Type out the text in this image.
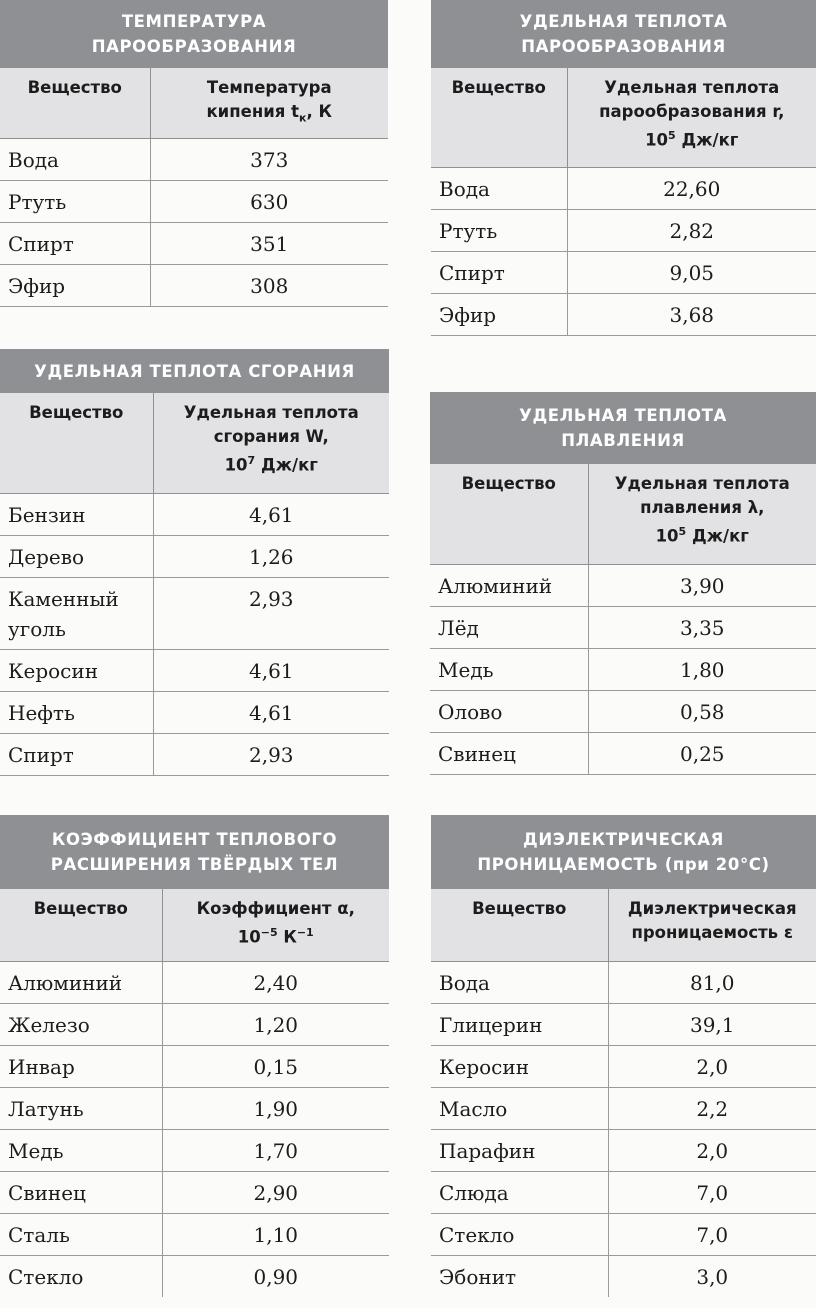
ТЕМПЕРАТУРА
ПАРООБРАЗОВАНИЯ
Вещество	Температура
кипения $t_к$, К
Вода	373
Ртуть	630
Спирт	351
Эфир	308
УДЕЛЬНАЯ ТЕПЛОТА
ПАРООБРАЗОВАНИЯ
Вещество	Удельная теплота
парообразования r,
$10^5$ Дж/кг
Вода	22,60
Ртуть	2,82
Спирт	9,05
Эфир	3,68
УДЕЛЬНАЯ ТЕПЛОТА СГОРАНИЯ
Вещество	Удельная теплота
сгорания W,
$10^7$ Дж/кг
Бензин	4,61
Дерево	1,26
Каменный уголь	2,93
Керосин	4,61
Нефть	4,61
Спирт	2,93
УДЕЛЬНАЯ ТЕПЛОТА
ПЛАВЛЕНИЯ
Вещество	Удельная теплота
плавления λ,
$10^5$ Дж/кг
Алюминий	3,90
Лёд	3,35
Медь	1,80
Олово	0,58
Свинец	0,25
КОЭФФИЦИЕНТ ТЕПЛОВОГО
РАСШИРЕНИЯ ТВЁРДЫХ ТЕЛ
Вещество	Коэффициент α,
$10^{-5}$ $К^{-1}$
Алюминий	2,40
Железо	1,20
Инвар	0,15
Латунь	1,90
Медь	1,70
Свинец	2,90
Сталь	1,10
Стекло	0,90
ДИЭЛЕКТРИЧЕСКАЯ
ПРОНИЦАЕМОСТЬ (при 20°С)
Вещество	Диэлектрическая
проницаемость ε
Вода	81,0
Глицерин	39,1
Керосин	2,0
Масло	2,2
Парафин	2,0
Слюда	7,0
Стекло	7,0
Эбонит	3,0
